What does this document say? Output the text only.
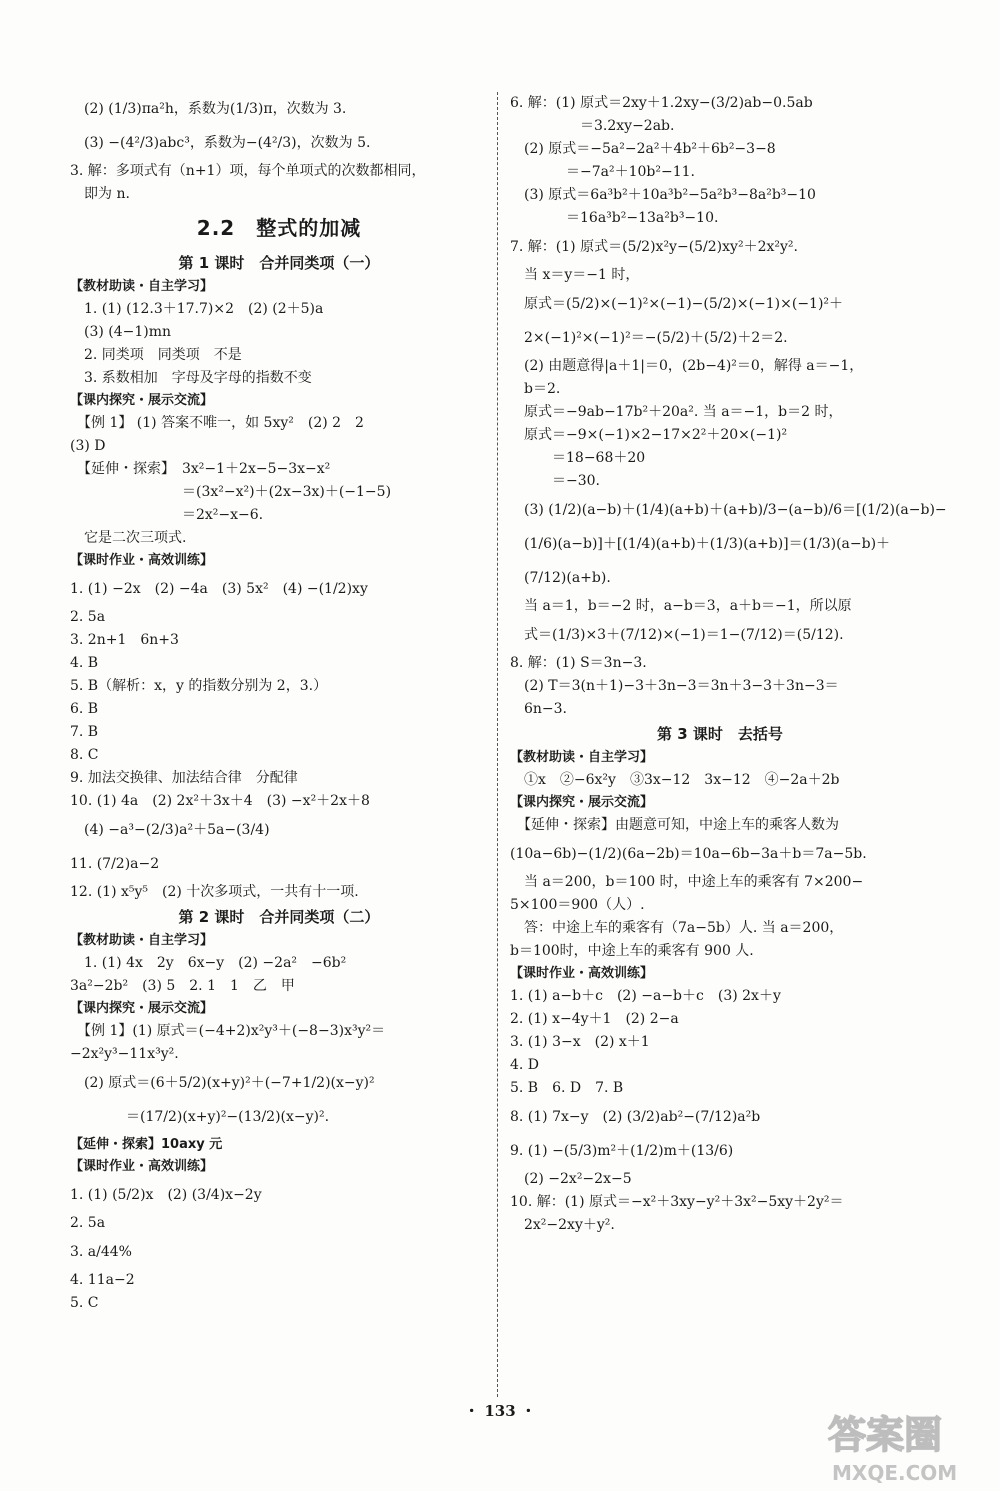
　(2) (1/3)πa²h，系数为(1/3)π，次数为 3.
　(3) −(4²/3)abc³，系数为−(4²/3)，次数为 5.
3. 解：多项式有（n+1）项，每个单项式的次数都相同，
　即为 n.
2.2　整式的加减
第 1 课时　合并同类项（一）
【教材助读・自主学习】
　1. (1) (12.3＋17.7)×2　(2) (2＋5)a
　(3) (4−1)mn
　2. 同类项　同类项　不是
　3. 系数相加　字母及字母的指数不变
【课内探究・展示交流】
　【例 1】 (1) 答案不唯一，如 5xy²　(2) 2　2
(3) D
　【延伸・探索】　3x²−1＋2x−5−3x−x²
　　　　　　　　＝(3x²−x²)＋(2x−3x)＋(−1−5)
　　　　　　　　＝2x²−x−6.
　它是二次三项式.
【课时作业・高效训练】
1. (1) −2x　(2) −4a　(3) 5x²　(4) −(1/2)xy
2. 5a
3. 2n+1　6n+3
4. B
5. B（解析：x，y 的指数分别为 2，3.）
6. B
7. B
8. C
9. 加法交换律、加法结合律　分配律
10. (1) 4a　(2) 2x²＋3x＋4　(3) −x²＋2x＋8
　(4) −a³−(2/3)a²＋5a−(3/4)
11. (7/2)a−2
12. (1) x⁵y⁵　(2) 十次多项式，一共有十一项.
第 2 课时　合并同类项（二）
【教材助读・自主学习】
　1. (1) 4x　2y　6x−y　(2) −2a²　−6b²
3a²−2b²　(3) 5　2. 1　1　乙　甲
【课内探究・展示交流】
　【例 1】(1) 原式＝(−4+2)x²y³＋(−8−3)x³y²＝
−2x²y³−11x³y².
　(2) 原式＝(6＋5/2)(x+y)²＋(−7+1/2)(x−y)²
　　　　＝(17/2)(x+y)²−(13/2)(x−y)².
【延伸・探索】10axy 元
【课时作业・高效训练】
1. (1) (5/2)x　(2) (3/4)x−2y
2. 5a
3. a/44%
4. 11a−2
5. C
6. 解：(1) 原式＝2xy＋1.2xy−(3/2)ab−0.5ab
　　　　　＝3.2xy−2ab.
　(2) 原式＝−5a²−2a²＋4b²＋6b²−3−8
　　　　＝−7a²＋10b²−11.
　(3) 原式＝6a³b²＋10a³b²−5a²b³−8a²b³−10
　　　　＝16a³b²−13a²b³−10.
7. 解：(1) 原式＝(5/2)x²y−(5/2)xy²＋2x²y².
　当 x＝y＝−1 时，
　原式＝(5/2)×(−1)²×(−1)−(5/2)×(−1)×(−1)²＋
　2×(−1)²×(−1)²＝−(5/2)＋(5/2)＋2＝2.
　(2) 由题意得|a＋1|＝0，(2b−4)²＝0，解得 a＝−1，
　b＝2.
　原式＝−9ab−17b²＋20a². 当 a＝−1，b＝2 时，
　原式＝−9×(−1)×2−17×2²＋20×(−1)²
　　　＝18−68＋20
　　　＝−30.
　(3) (1/2)(a−b)＋(1/4)(a+b)＋(a+b)/3−(a−b)/6＝[(1/2)(a−b)−
　(1/6)(a−b)]＋[(1/4)(a+b)＋(1/3)(a+b)]＝(1/3)(a−b)＋
　(7/12)(a+b).
　当 a＝1，b＝−2 时，a−b＝3，a＋b＝−1，所以原
　式＝(1/3)×3＋(7/12)×(−1)＝1−(7/12)＝(5/12).
8. 解：(1) S＝3n−3.
　(2) T＝3(n＋1)−3＋3n−3＝3n＋3−3＋3n−3＝
　6n−3.
第 3 课时　去括号
【教材助读・自主学习】
　①x　②−6x²y　③3x−12　3x−12　④−2a＋2b
【课内探究・展示交流】
　【延伸・探索】由题意可知，中途上车的乘客人数为
(10a−6b)−(1/2)(6a−2b)＝10a−6b−3a＋b＝7a−5b.
　当 a＝200，b＝100 时，中途上车的乘客有 7×200−
5×100＝900（人）.
　答：中途上车的乘客有（7a−5b）人. 当 a＝200，
b＝100时，中途上车的乘客有 900 人.
【课时作业・高效训练】
1. (1) a−b＋c　(2) −a−b＋c　(3) 2x＋y
2. (1) x−4y＋1　(2) 2−a
3. (1) 3−x　(2) x＋1
4. D
5. B　6. D　7. B
8. (1) 7x−y　(2) (3/2)ab²−(7/12)a²b
9. (1) −(5/3)m²＋(1/2)m＋(13/6)
　(2) −2x²−2x−5
10. 解：(1) 原式＝−x²＋3xy−y²＋3x²−5xy＋2y²＝
　2x²−2xy＋y².
・ 133 ・
答案圈
MXQE.COM
